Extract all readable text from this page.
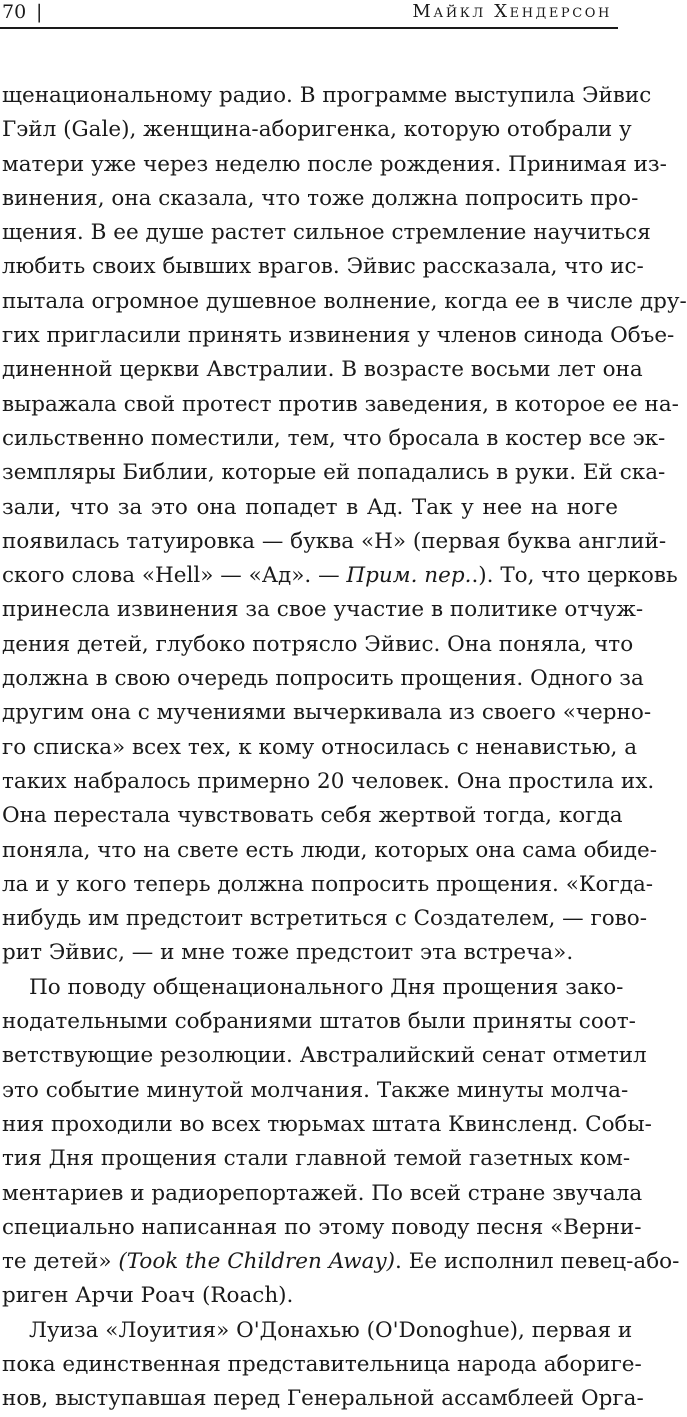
70 |	Майкл Хендерсон
щенациональному радио. В программе выступила Эйвис
Гэйл (Gale), женщина-аборигенка, которую отобрали у
матери уже через неделю после рождения. Принимая из-
винения, она сказала, что тоже должна попросить про-
щения. В ее душе растет сильное стремление научиться
любить своих бывших врагов. Эйвис рассказала, что ис-
пытала огромное душевное волнение, когда ее в числе дру-
гих пригласили принять извинения у членов синода Объе-
диненной церкви Австралии. В возрасте восьми лет она
выражала свой протест против заведения, в которое ее на-
сильственно поместили, тем, что бросала в костер все эк-
земпляры Библии, которые ей попадались в руки. Ей ска-
зали, что за это она попадет в Ад. Так у нее на ноге
появилась татуировка — буква «H» (первая буква англий-
ского слова «Hell» — «Ад». — Прим. пер..). То, что церковь
принесла извинения за свое участие в политике отчуж-
дения детей, глубоко потрясло Эйвис. Она поняла, что
должна в свою очередь попросить прощения. Одного за
другим она с мучениями вычеркивала из своего «черно-
го списка» всех тех, к кому относилась с ненавистью, а
таких набралось примерно 20 человек. Она простила их.
Она перестала чувствовать себя жертвой тогда, когда
поняла, что на свете есть люди, которых она сама обиде-
ла и у кого теперь должна попросить прощения. «Когда-
нибудь им предстоит встретиться с Создателем, — гово-
рит Эйвис, — и мне тоже предстоит эта встреча».
По поводу общенационального Дня прощения зако-
нодательными собраниями штатов были приняты соот-
ветствующие резолюции. Австралийский сенат отметил
это событие минутой молчания. Также минуты молча-
ния проходили во всех тюрьмах штата Квинсленд. Собы-
тия Дня прощения стали главной темой газетных ком-
ментариев и радиорепортажей. По всей стране звучала
специально написанная по этому поводу песня «Верни-
те детей» (Took the Children Away). Ее исполнил певец-або-
риген Арчи Роач (Roach).
Луиза «Лоуития» О'Донахью (O'Donoghue), первая и
пока единственная представительница народа абориге-
нов, выступавшая перед Генеральной ассамблеей Орга-
